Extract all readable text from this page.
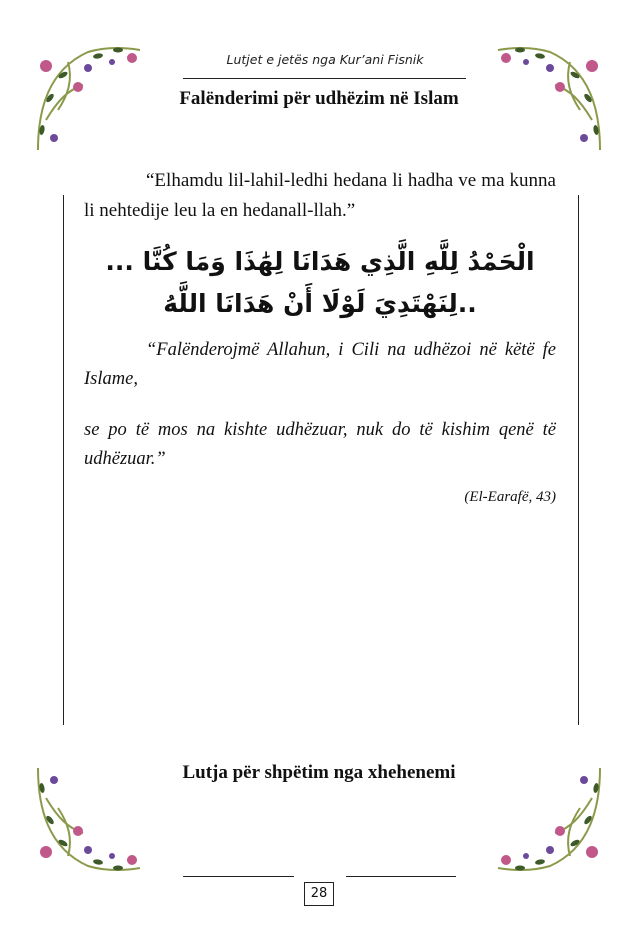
Lutjet e jetës nga Kur’ani Fisnik
Falënderimi për udhëzim në Islam
“Elhamdu lil-lahil-ledhi hedana li hadha ve ma kunna li nehtedije leu la en hedanall-llah.”
الْحَمْدُ لِلَّهِ الَّذِي هَدَانَا لِهَٰذَا وَمَا كُنَّا ...
..لِنَهْتَدِيَ لَوْلَا أَنْ هَدَانَا اللَّهُ
“Falënderojmë Allahun, i Cili na udhëzoi në këtë fe Islame,
se po të mos na kishte udhëzuar, nuk do të kishim qenë të udhëzuar.”
(El-Earafë, 43)
Lutja për shpëtim nga xhehenemi
28
